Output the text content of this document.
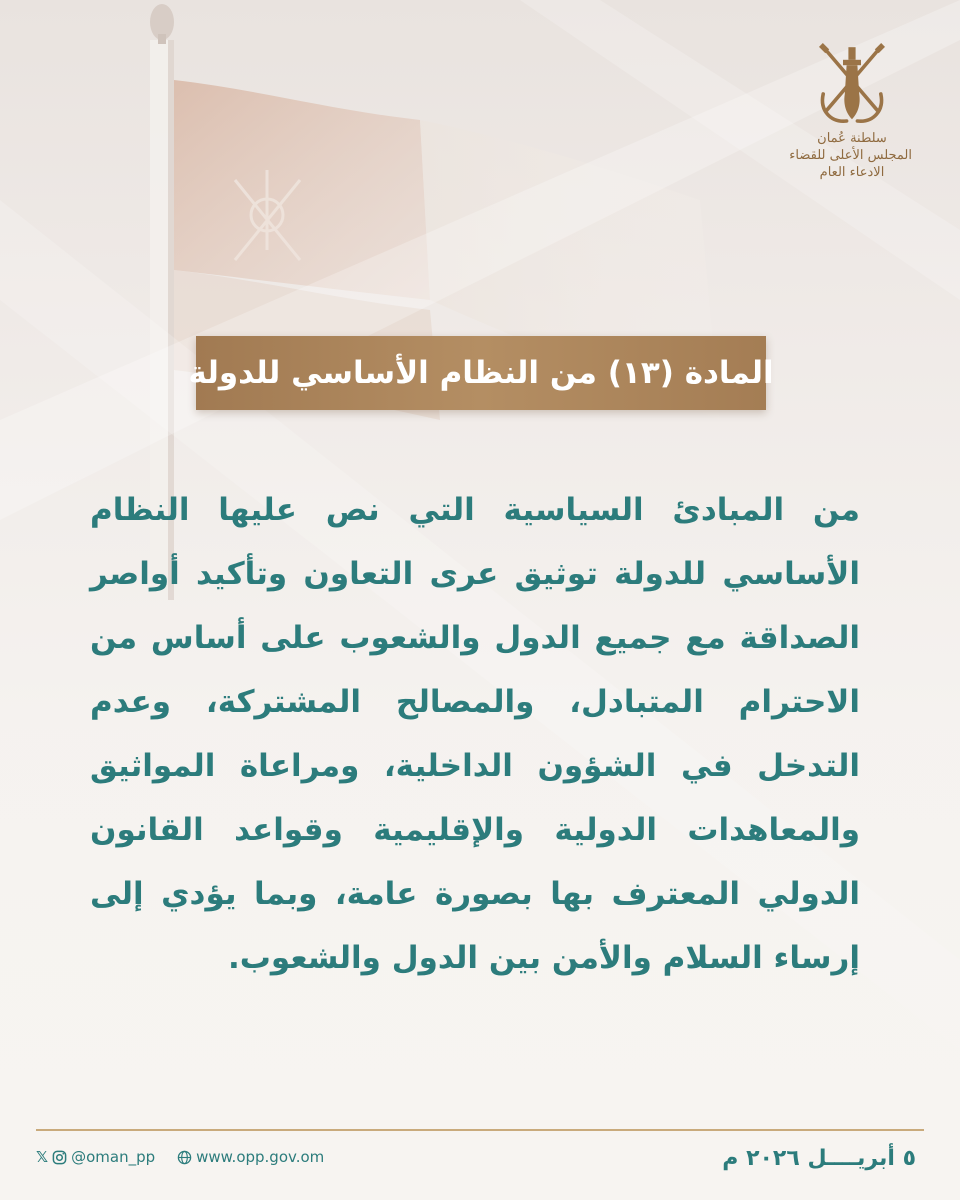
سلطنة عُمان
المجلس الأعلى للقضاء
الادعاء العام
المادة (١٣) من النظام الأساسي للدولة
من المبادئ السياسية التي نص عليها النظام الأساسي للدولة توثيق عرى التعاون وتأكيد أواصر الصداقة مع جميع الدول والشعوب على أساس من الاحترام المتبادل، والمصالح المشتركة، وعدم التدخل في الشؤون الداخلية، ومراعاة المواثيق والمعاهدات الدولية والإقليمية وقواعد القانون الدولي المعترف بها بصورة عامة، وبما يؤدي إلى إرساء السلام والأمن بين الدول والشعوب.
𝕏 @oman_pp	www.opp.gov.om	٥ أبريــــل ٢٠٢٦ م
